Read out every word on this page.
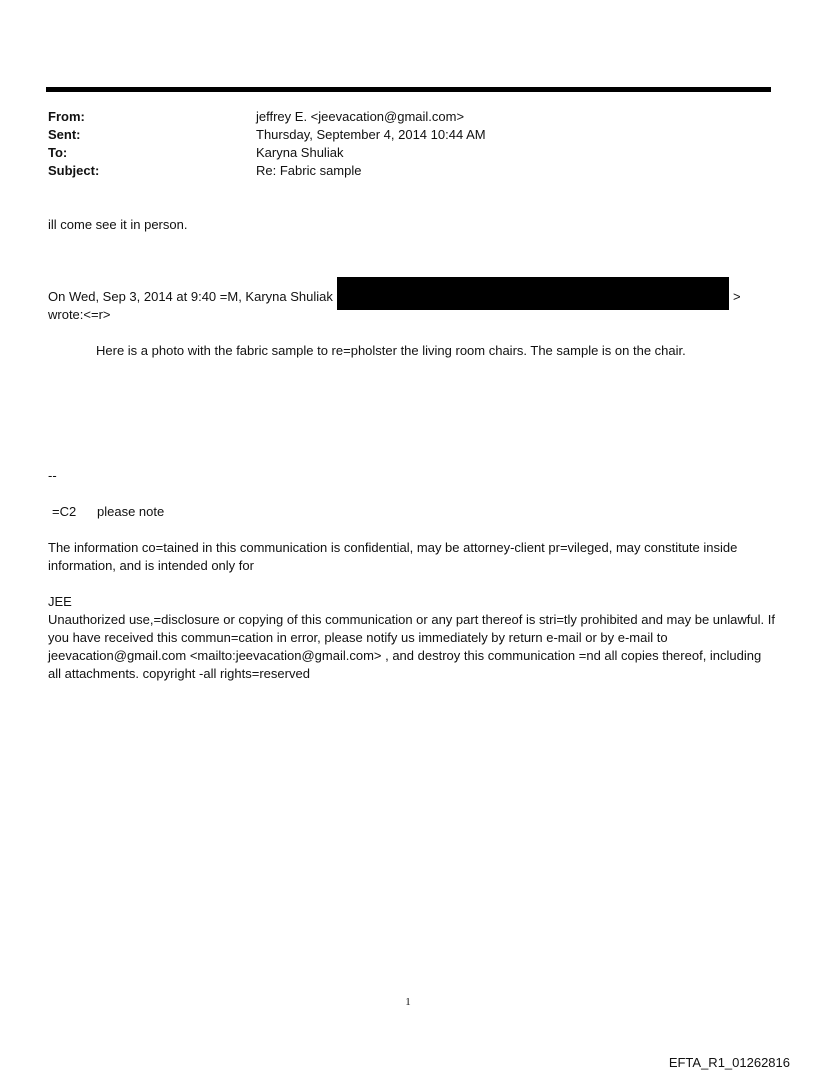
From:	jeffrey E. <jeevacation@gmail.com>
Sent:	Thursday, September 4, 2014 10:44 AM
To:	Karyna Shuliak
Subject:	Re: Fabric sample
ill come see it in person.
On Wed, Sep 3, 2014 at 9:40 =M, Karyna Shuliak	>
wrote:<=r>
Here is a photo with the fabric sample to re=pholster the living room chairs. The sample is on the chair.
--
=C2 please note
The information co=tained in this communication is confidential, may be attorney-client pr=vileged, may constitute inside information, and is intended only for
JEE
Unauthorized use,=disclosure or copying of this communication or any part thereof is stri=tly prohibited and may be unlawful. If you have received this commun=cation in error, please notify us immediately by return e-mail or by e-mail to jeevacation@gmail.com <mailto:jeevacation@gmail.com> , and destroy this communication =nd all copies thereof, including all attachments. copyright -all rights=reserved
1
EFTA_R1_01262816
